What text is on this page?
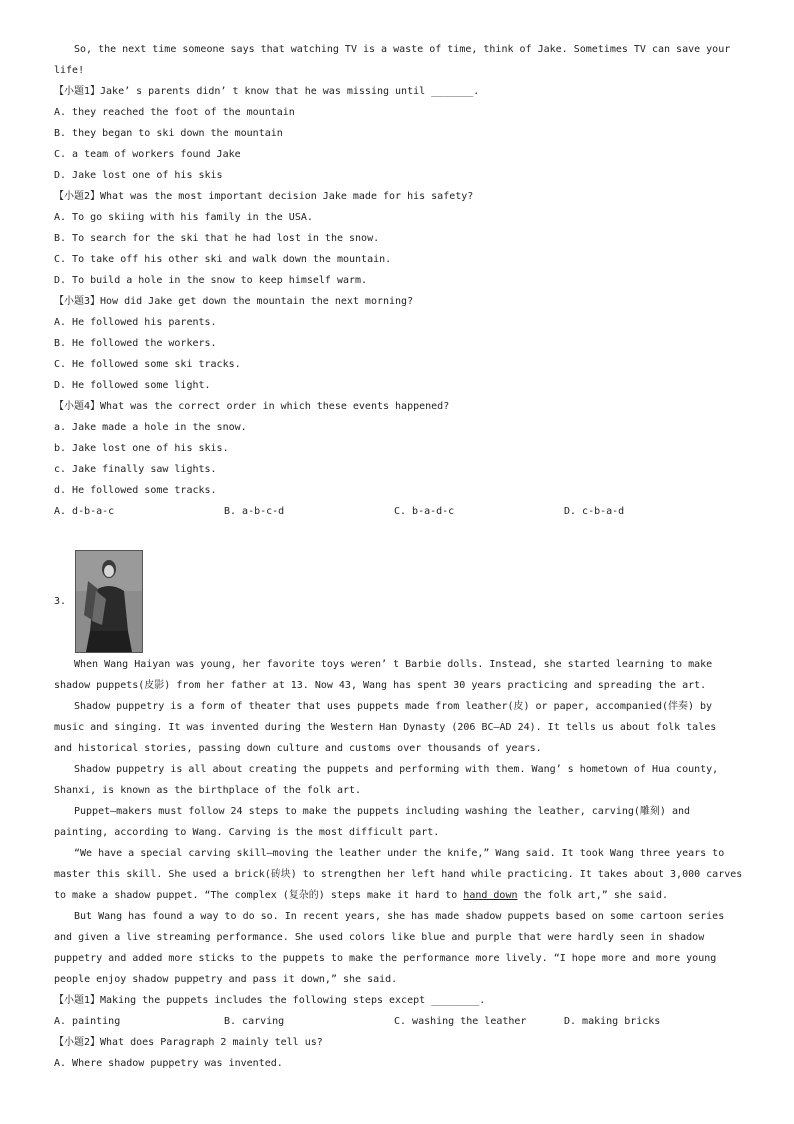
So, the next time someone says that watching TV is a waste of time, think of Jake. Sometimes TV can save your
life!
【小题1】Jake’ s parents didn’ t know that he was missing until _______.
A. they reached the foot of the mountain
B. they began to ski down the mountain
C. a team of workers found Jake
D. Jake lost one of his skis
【小题2】What was the most important decision Jake made for his safety?
A. To go skiing with his family in the USA.
B. To search for the ski that he had lost in the snow.
C. To take off his other ski and walk down the mountain.
D. To build a hole in the snow to keep himself warm.
【小题3】How did Jake get down the mountain the next morning?
A. He followed his parents.
B. He followed the workers.
C. He followed some ski tracks.
D. He followed some light.
【小题4】What was the correct order in which these events happened?
a. Jake made a hole in the snow.
b. Jake lost one of his skis.
c. Jake finally saw lights.
d. He followed some tracks.
A. d-b-a-c	B. a-b-c-d	C. b-a-d-c	D. c-b-a-d
3.
When Wang Haiyan was young, her favorite toys weren’ t Barbie dolls. Instead, she started learning to make
shadow puppets(皮影) from her father at 13. Now 43, Wang has spent 30 years practicing and spreading the art.
Shadow puppetry is a form of theater that uses puppets made from leather(皮) or paper, accompanied(伴奏) by
music and singing. It was invented during the Western Han Dynasty (206 BC—AD 24). It tells us about folk tales
and historical stories, passing down culture and customs over thousands of years.
Shadow puppetry is all about creating the puppets and performing with them. Wang’ s hometown of Hua county,
Shanxi, is known as the birthplace of the folk art.
Puppet—makers must follow 24 steps to make the puppets including washing the leather, carving(雕刻) and
painting, according to Wang. Carving is the most difficult part.
“We have a special carving skill—moving the leather under the knife,” Wang said. It took Wang three years to
master this skill. She used a brick(砖块) to strengthen her left hand while practicing. It takes about 3,000 carves
to make a shadow puppet. “The complex (复杂的) steps make it hard to hand down the folk art,” she said.
But Wang has found a way to do so. In recent years, she has made shadow puppets based on some cartoon series
and given a live streaming performance. She used colors like blue and purple that were hardly seen in shadow
puppetry and added more sticks to the puppets to make the performance more lively. “I hope more and more young
people enjoy shadow puppetry and pass it down,” she said.
【小题1】Making the puppets includes the following steps except ________.
A. painting	B. carving	C. washing the leather	D. making bricks
【小题2】What does Paragraph 2 mainly tell us?
A. Where shadow puppetry was invented.
